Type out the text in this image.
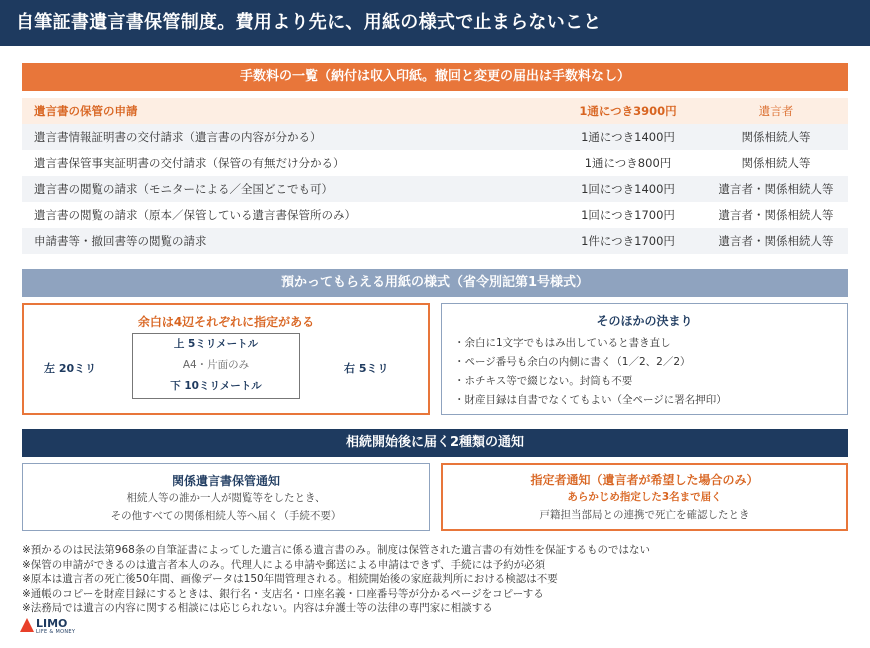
自筆証書遺言書保管制度。費用より先に、用紙の様式で止まらないこと
手数料の一覧（納付は収入印紙。撤回と変更の届出は手数料なし）
遺言書の保管の申請	1通につき3900円	遺言者
遺言書情報証明書の交付請求（遺言書の内容が分かる）	1通につき1400円	関係相続人等
遺言書保管事実証明書の交付請求（保管の有無だけ分かる）	1通につき800円	関係相続人等
遺言書の閲覧の請求（モニターによる／全国どこでも可）	1回につき1400円	遺言者・関係相続人等
遺言書の閲覧の請求（原本／保管している遺言書保管所のみ）	1回につき1700円	遺言者・関係相続人等
申請書等・撤回書等の閲覧の請求	1件につき1700円	遺言者・関係相続人等
預かってもらえる用紙の様式（省令別記第1号様式）
余白は4辺それぞれに指定がある
左 20ミリ
上 5ミリメートル
A4・片面のみ
下 10ミリメートル
右 5ミリ
そのほかの決まり
・余白に1文字でもはみ出していると書き直し
・ページ番号も余白の内側に書く（1／2、2／2）
・ホチキス等で綴じない。封筒も不要
・財産目録は自書でなくてもよい（全ページに署名押印）
相続開始後に届く2種類の通知
関係遺言書保管通知
相続人等の誰か一人が閲覧等をしたとき、
その他すべての関係相続人等へ届く（手続不要）
指定者通知（遺言者が希望した場合のみ）
あらかじめ指定した3名まで届く
戸籍担当部局との連携で死亡を確認したとき
※預かるのは民法第968条の自筆証書によってした遺言に係る遺言書のみ。制度は保管された遺言書の有効性を保証するものではない
※保管の申請ができるのは遺言者本人のみ。代理人による申請や郵送による申請はできず、手続には予約が必須
※原本は遺言者の死亡後50年間、画像データは150年間管理される。相続開始後の家庭裁判所における検認は不要
※通帳のコピーを財産目録にするときは、銀行名・支店名・口座名義・口座番号等が分かるページをコピーする
※法務局では遺言の内容に関する相談には応じられない。内容は弁護士等の法律の専門家に相談する
LIMO
LIFE & MONEY
